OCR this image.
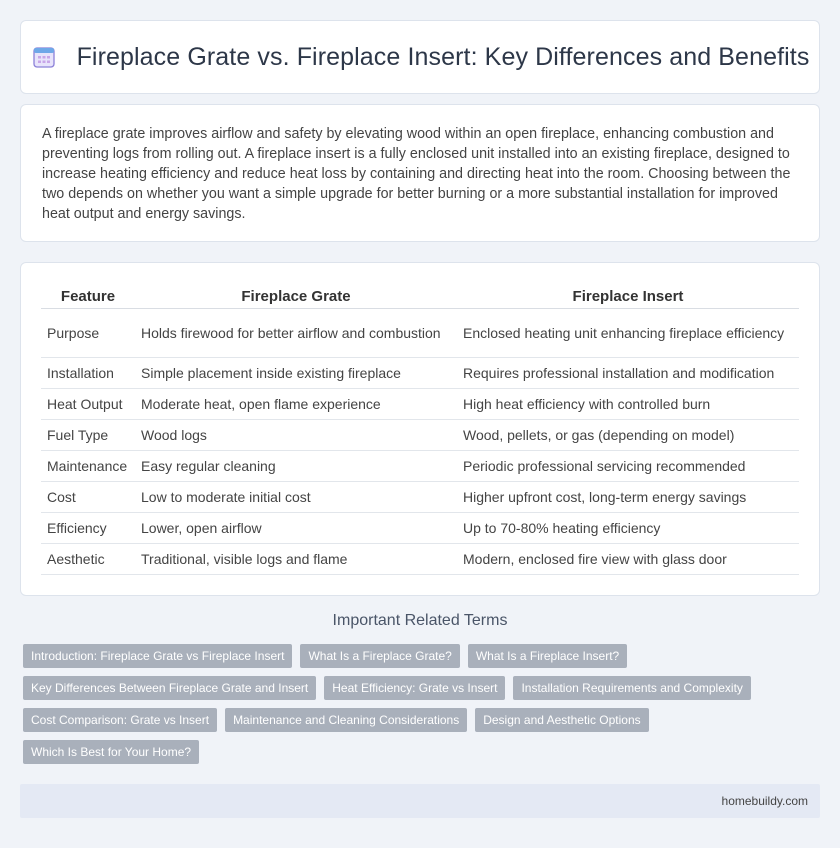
Fireplace Grate vs. Fireplace Insert: Key Differences and Benefits

A fireplace grate improves airflow and safety by elevating wood within an open fireplace, enhancing combustion and preventing logs from rolling out. A fireplace insert is a fully enclosed unit installed into an existing fireplace, designed to increase heating efficiency and reduce heat loss by containing and directing heat into the room. Choosing between the two depends on whether you want a simple upgrade for better burning or a more substantial installation for improved heat output and energy savings.

Feature	Fireplace Grate	Fireplace Insert
Purpose	Holds firewood for better airflow and combustion	Enclosed heating unit enhancing fireplace efficiency
Installation	Simple placement inside existing fireplace	Requires professional installation and modification
Heat Output	Moderate heat, open flame experience	High heat efficiency with controlled burn
Fuel Type	Wood logs	Wood, pellets, or gas (depending on model)
Maintenance	Easy regular cleaning	Periodic professional servicing recommended
Cost	Low to moderate initial cost	Higher upfront cost, long-term energy savings
Efficiency	Lower, open airflow	Up to 70-80% heating efficiency
Aesthetic	Traditional, visible logs and flame	Modern, enclosed fire view with glass door
Important Related Terms
Introduction: Fireplace Grate vs Fireplace Insert	What Is a Fireplace Grate?	What Is a Fireplace Insert?
Key Differences Between Fireplace Grate and Insert	Heat Efficiency: Grate vs Insert	Installation Requirements and Complexity
Cost Comparison: Grate vs Insert	Maintenance and Cleaning Considerations	Design and Aesthetic Options
Which Is Best for Your Home?
homebuildy.com
